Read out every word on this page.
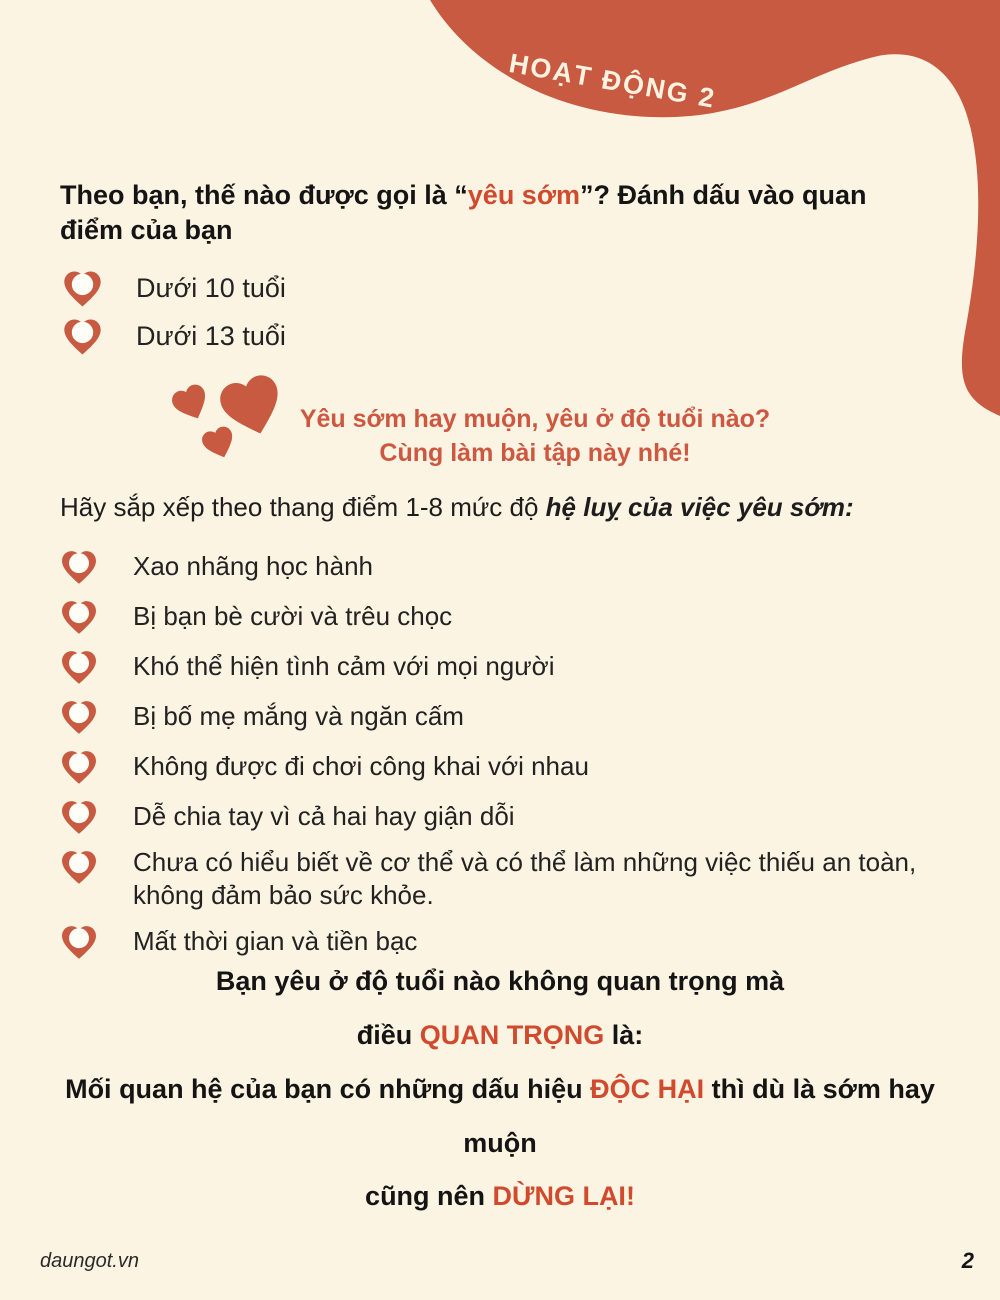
HOẠT ĐỘNG 2
Theo bạn, thế nào được gọi là “yêu sớm”? Đánh dấu vào quan điểm của bạn
Dưới 10 tuổi
Dưới 13 tuổi
Yêu sớm hay muộn, yêu ở độ tuổi nào?
Cùng làm bài tập này nhé!
Hãy sắp xếp theo thang điểm 1-8 mức độ hệ luỵ của việc yêu sớm:
Xao nhãng học hành
Bị bạn bè cười và trêu chọc
Khó thể hiện tình cảm với mọi người
Bị bố mẹ mắng và ngăn cấm
Không được đi chơi công khai với nhau
Dễ chia tay vì cả hai hay giận dỗi
Chưa có hiểu biết về cơ thể và có thể làm những việc thiếu an toàn, không đảm bảo sức khỏe.
Mất thời gian và tiền bạc

Bạn yêu ở độ tuổi nào không quan trọng mà

điều QUAN TRỌNG là:

Mối quan hệ của bạn có những dấu hiệu ĐỘC HẠI thì dù là sớm hay

muộn

cũng nên DỪNG LẠI!

daungot.vn	2
